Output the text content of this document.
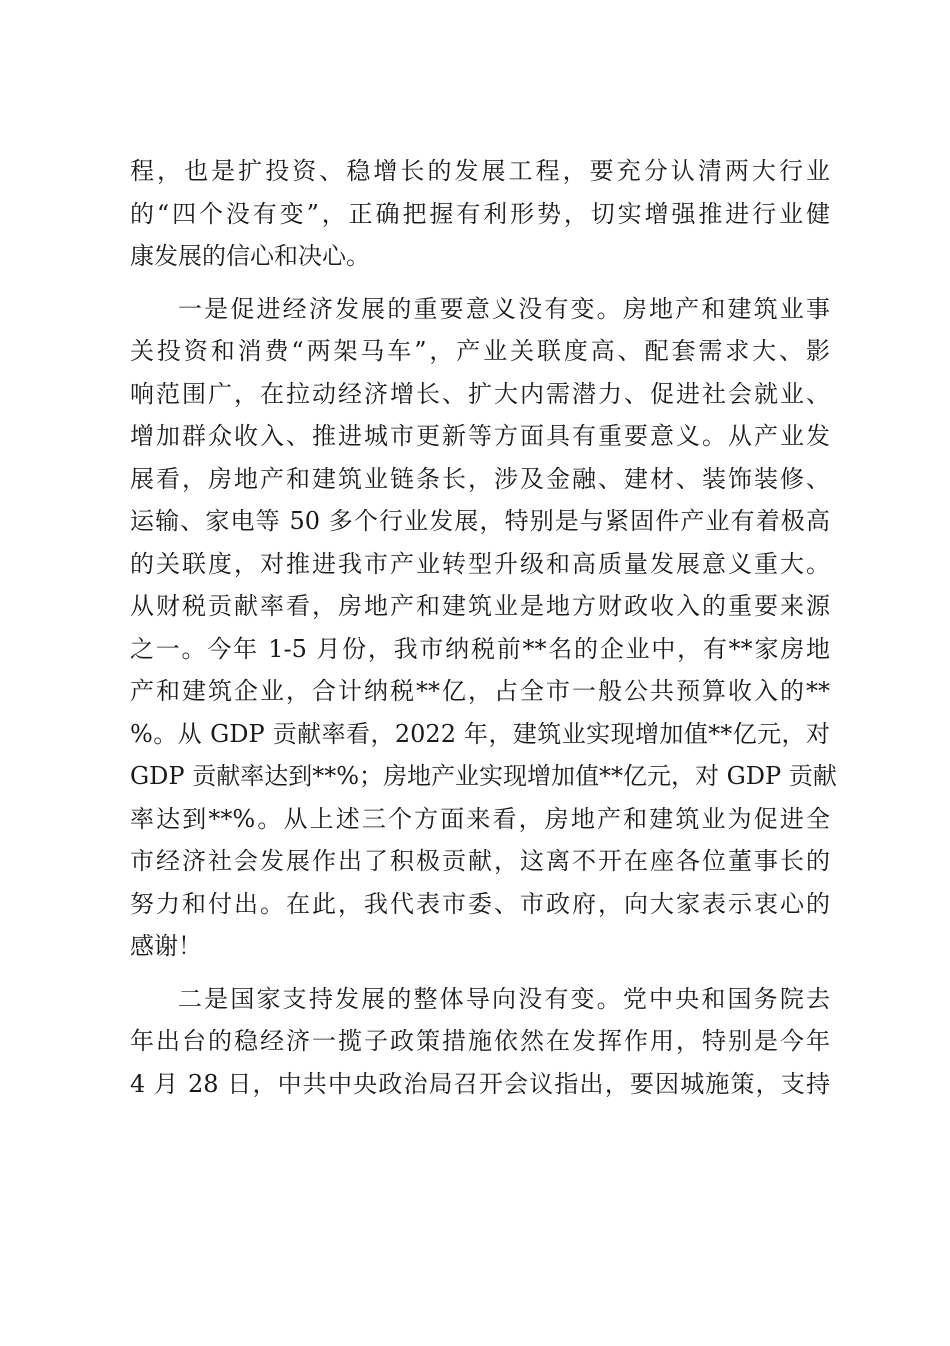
程，也是扩投资、稳增长的发展工程，要充分认清两大行业
的“四个没有变”，正确把握有利形势，切实增强推进行业健
康发展的信心和决心。
一是促进经济发展的重要意义没有变。房地产和建筑业事
关投资和消费“两架马车”，产业关联度高、配套需求大、影
响范围广，在拉动经济增长、扩大内需潜力、促进社会就业、
增加群众收入、推进城市更新等方面具有重要意义。从产业发
展看，房地产和建筑业链条长，涉及金融、建材、装饰装修、
运输、家电等 50 多个行业发展，特别是与紧固件产业有着极高
的关联度，对推进我市产业转型升级和高质量发展意义重大。
从财税贡献率看，房地产和建筑业是地方财政收入的重要来源
之一。今年 1-5 月份，我市纳税前**名的企业中，有**家房地
产和建筑企业，合计纳税**亿，占全市一般公共预算收入的**
%。从 GDP 贡献率看，2022 年，建筑业实现增加值**亿元，对
GDP 贡献率达到**%；房地产业实现增加值**亿元，对 GDP 贡献
率达到**%。从上述三个方面来看，房地产和建筑业为促进全
市经济社会发展作出了积极贡献，这离不开在座各位董事长的
努力和付出。在此，我代表市委、市政府，向大家表示衷心的
感谢！
二是国家支持发展的整体导向没有变。党中央和国务院去
年出台的稳经济一揽子政策措施依然在发挥作用，特别是今年
4 月 28 日，中共中央政治局召开会议指出，要因城施策，支持
